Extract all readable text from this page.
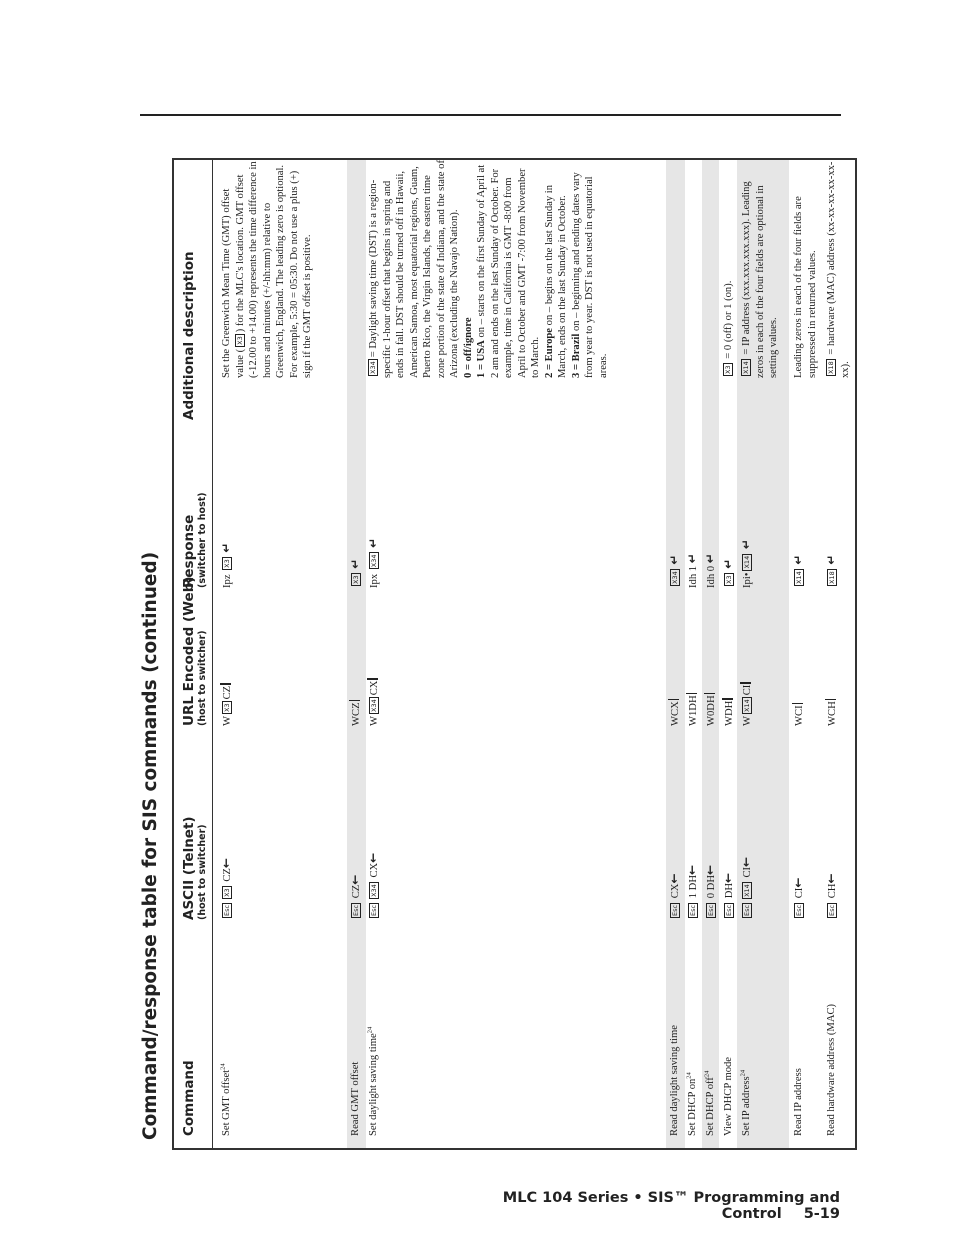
Command/response table for SIS commands (continued) Command
ASCII (Telnet) (host to switcher)
URL Encoded (Web) (host to switcher)
Response (switcher to host)
Additional description
Set GMT offset$^{24}$
EscX3 CZ←
WX3CZ
Ipz X3 ↵
Set the Greenwich Mean Time (GMT) offset value (X3) for the MLC's location. GMT offset (-12.00 to +14.00) represents the time difference in hours and minutes (+/-hh:mm) relative to Greenwich, England. The leading zero is optional. For example, 5:30 = 05:30. Do not use a plus (+) sign if the GMT offset is positive.
Read GMT offset
Esc CZ←
WCZ
X3 ↵
Set daylight saving time$^{24}$
EscX34 CX←
WX34CX
Ipx X34 ↵
X34= Daylight saving time (DST) is a region-specific 1-hour offset that begins in spring and ends in fall. DST should be turned off in Hawaii, American Samoa, most equatorial regions, Guam, Puerto Rico, the Virgin Islands, the eastern time zone portion of the state of Indiana, and the state of Arizona (excluding the Navajo Nation). 0 = off/ignore 1 = USA on – starts on the first Sunday of April at 2 am and ends on the last Sunday of October. For example, time in California is GMT -8:00 from April to October and GMT -7:00 from November to March. 2 = Europe on – begins on the last Sunday in March, ends on the last Sunday in October. 3 = Brazil on – beginning and ending dates vary from year to year. DST is not used in equatorial areas.
Read daylight saving time
Esc CX←
WCX
X34 ↵
Set DHCP $on^{24}$
Esc 1 DH←
W1DH
Idh 1 ↵
Set DHCP off$^{24}$
Esc 0 DH←
W0DH
Idh 0 ↵
View DHCP mode
Esc DH←
WDH
X3 ↵
X3 = 0 (off) or 1 (on).
Set IP address$^{24}$
EscX14 CI←
WX14CI
Ipi•X14 ↵
X14 = IP address (xxx.xxx.xxx.xxx). Leading zeros in each of the four fields are optional in setting values.
Read IP address
Esc CI←
WCI
X14 ↵
Leading zeros in each of the four fields are suppressed in returned values.
Read hardware address (MAC)
Esc CH←
WCH
X18 ↵
X18 = hardware (MAC) address (xx-xx-xx-xx-xx-xx).
MLC 104 Series • SIS™ Programming and Control 5-19
